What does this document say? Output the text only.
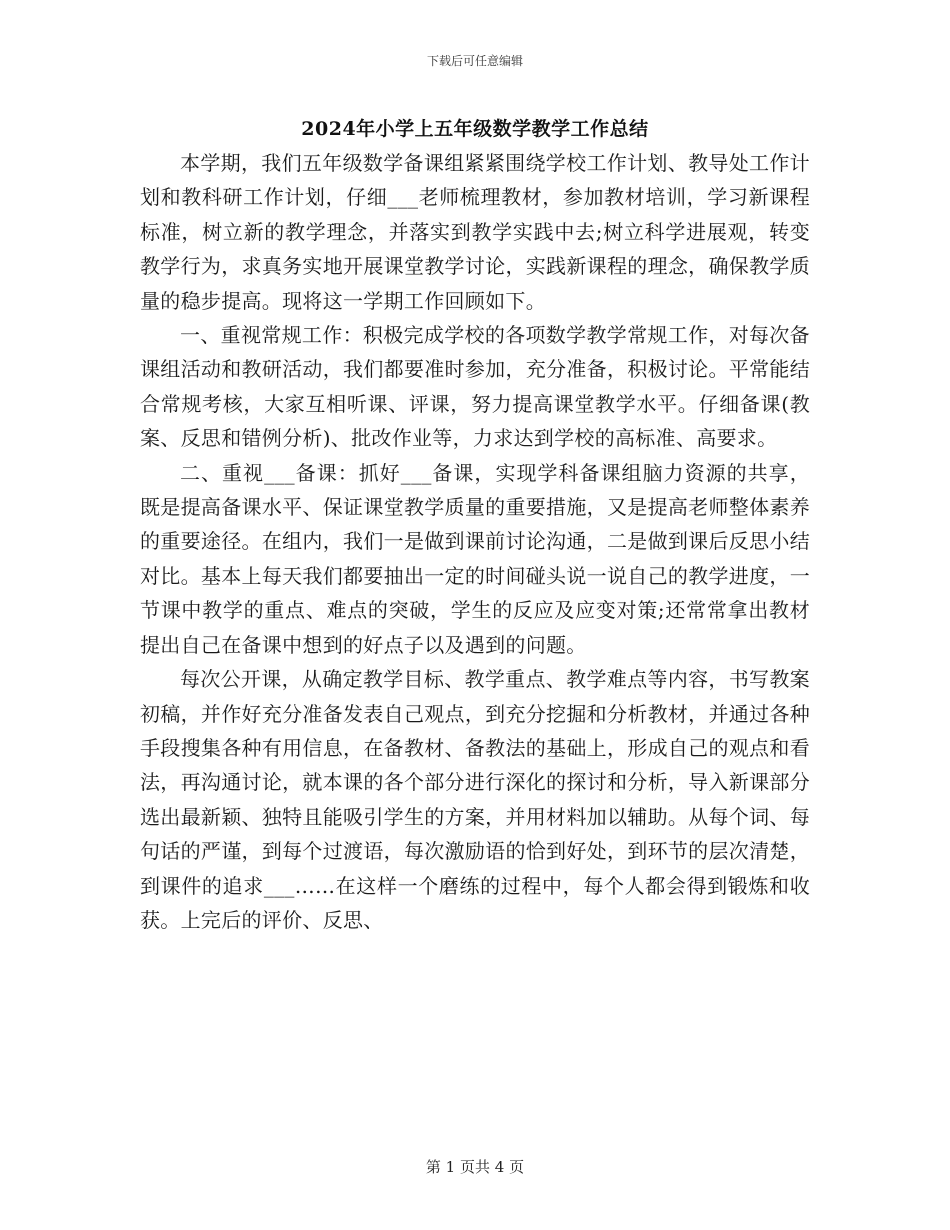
下载后可任意编辑
2024年小学上五年级数学教学工作总结

本学期，我们五年级数学备课组紧紧围绕学校工作计划、教导处工作计划和教科研工作计划，仔细___老师梳理教材，参加教材培训，学习新课程标准，树立新的教学理念，并落实到教学实践中去;树立科学进展观，转变教学行为，求真务实地开展课堂教学讨论，实践新课程的理念，确保教学质量的稳步提高。现将这一学期工作回顾如下。

一、重视常规工作：积极完成学校的各项数学教学常规工作，对每次备课组活动和教研活动，我们都要准时参加，充分准备，积极讨论。平常能结合常规考核，大家互相听课、评课，努力提高课堂教学水平。仔细备课(教案、反思和错例分析)、批改作业等，力求达到学校的高标准、高要求。

二、重视___备课：抓好___备课，实现学科备课组脑力资源的共享，既是提高备课水平、保证课堂教学质量的重要措施，又是提高老师整体素养的重要途径。在组内，我们一是做到课前讨论沟通，二是做到课后反思小结对比。基本上每天我们都要抽出一定的时间碰头说一说自己的教学进度，一节课中教学的重点、难点的突破，学生的反应及应变对策;还常常拿出教材提出自己在备课中想到的好点子以及遇到的问题。

每次公开课，从确定教学目标、教学重点、教学难点等内容，书写教案初稿，并作好充分准备发表自己观点，到充分挖掘和分析教材，并通过各种手段搜集各种有用信息，在备教材、备教法的基础上，形成自己的观点和看法，再沟通讨论，就本课的各个部分进行深化的探讨和分析，导入新课部分选出最新颖、独特且能吸引学生的方案，并用材料加以辅助。从每个词、每句话的严谨，到每个过渡语，每次激励语的恰到好处，到环节的层次清楚，到课件的追求___……在这样一个磨练的过程中，每个人都会得到锻炼和收获。上完后的评价、反思、

第 1 页共 4 页
